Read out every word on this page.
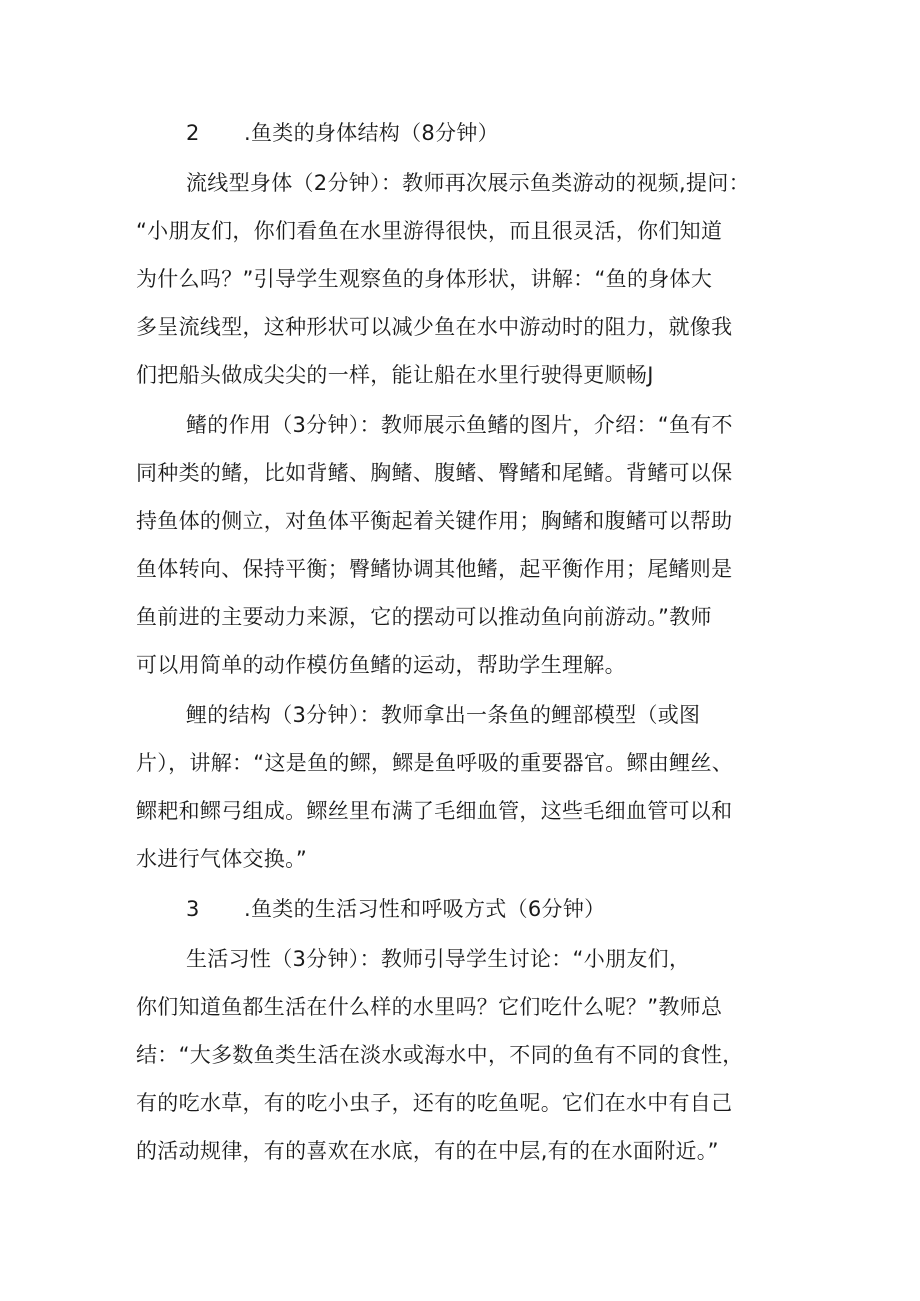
2 .鱼类的身体结构（8分钟）
流线型身体（2分钟）：教师再次展示鱼类游动的视频,提问：
“小朋友们，你们看鱼在水里游得很快，而且很灵活，你们知道
为什么吗？”引导学生观察鱼的身体形状，讲解：“鱼的身体大
多呈流线型，这种形状可以减少鱼在水中游动时的阻力，就像我
们把船头做成尖尖的一样，能让船在水里行驶得更顺畅J
鳍的作用（3分钟）：教师展示鱼鳍的图片，介绍：“鱼有不
同种类的鳍，比如背鳍、胸鳍、腹鳍、臀鳍和尾鳍。背鳍可以保
持鱼体的侧立，对鱼体平衡起着关键作用；胸鳍和腹鳍可以帮助
鱼体转向、保持平衡；臀鳍协调其他鳍，起平衡作用；尾鳍则是
鱼前进的主要动力来源，它的摆动可以推动鱼向前游动。”教师
可以用简单的动作模仿鱼鳍的运动，帮助学生理解。
鲤的结构（3分钟）：教师拿出一条鱼的鲤部模型（或图
片），讲解：“这是鱼的鳏，鳏是鱼呼吸的重要器官。鳏由鲤丝、
鳏耙和鳏弓组成。鳏丝里布满了毛细血管，这些毛细血管可以和
水进行气体交换。”
3 .鱼类的生活习性和呼吸方式（6分钟）
生活习性（3分钟）：教师引导学生讨论：“小朋友们，
你们知道鱼都生活在什么样的水里吗？它们吃什么呢？”教师总
结：“大多数鱼类生活在淡水或海水中，不同的鱼有不同的食性，
有的吃水草，有的吃小虫子，还有的吃鱼呢。它们在水中有自己
的活动规律，有的喜欢在水底，有的在中层,有的在水面附近。”
